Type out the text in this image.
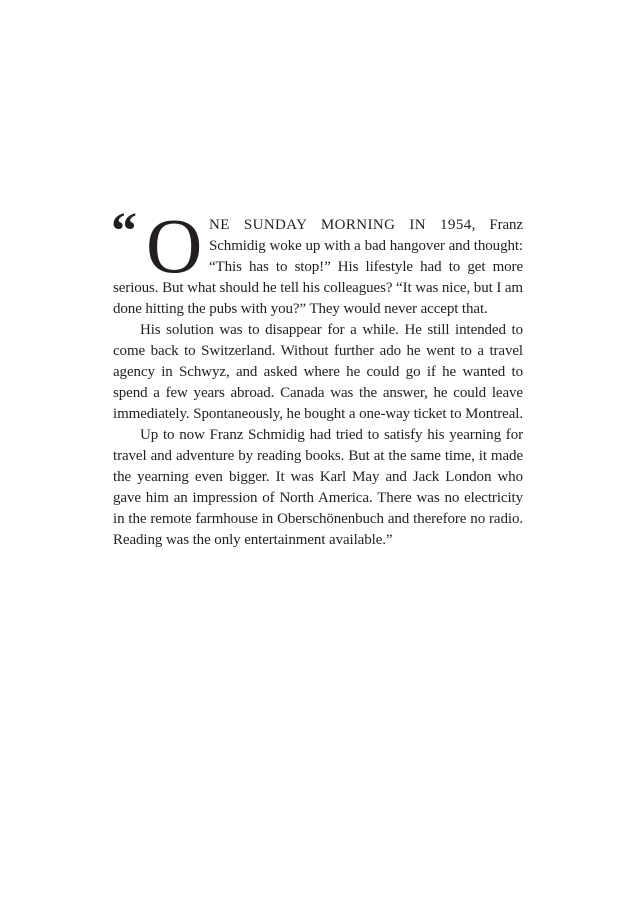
“ O NE SUNDAY MORNING IN 1954, Franz Schmidig woke up with a bad hangover and thought: “This has to stop!” His lifestyle had to get more serious. But what should he tell his colleagues? “It was nice, but I am done hitting the pubs with you?” They would never accept that.

His solution was to disappear for a while. He still intended to come back to Switzerland. Without further ado he went to a travel agency in Schwyz, and asked where he could go if he wanted to spend a few years abroad. Canada was the answer, he could leave immediately. Spontaneously, he bought a one-way ticket to Montreal.

Up to now Franz Schmidig had tried to satisfy his yearning for travel and adventure by reading books. But at the same time, it made the yearning even bigger. It was Karl May and Jack London who gave him an impression of North America. There was no electricity in the remote farmhouse in Oberschönenbuch and therefore no radio. Reading was the only entertainment available.”
